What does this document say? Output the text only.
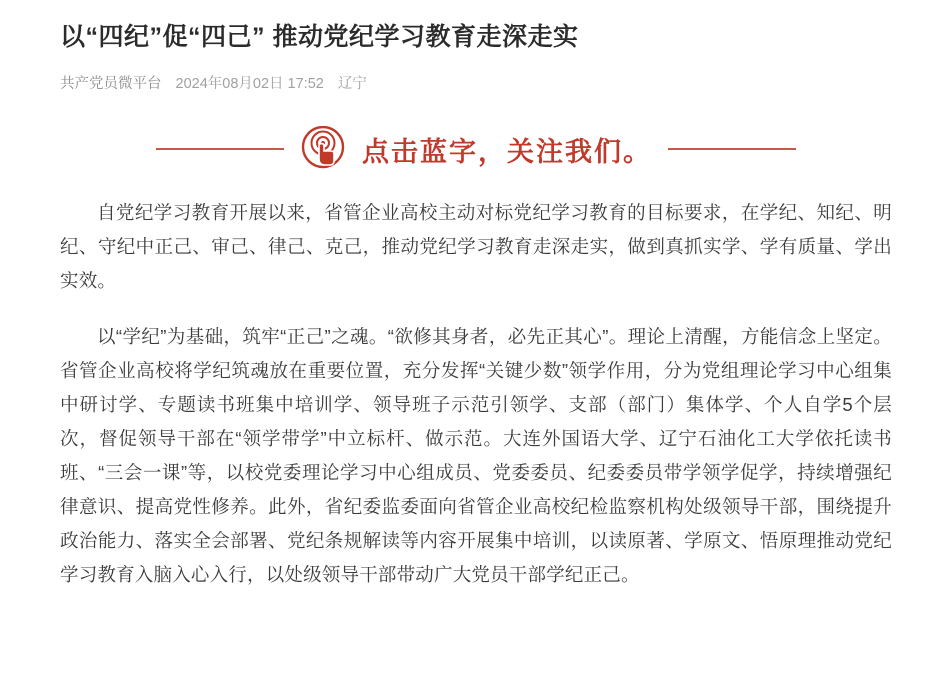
以“四纪”促“四己” 推动党纪学习教育走深走实
共产党员微平台 2024年08月02日 17:52 辽宁
点击蓝字，关注我们。

自党纪学习教育开展以来，省管企业高校主动对标党纪学习教育的目标要求，在学纪、知纪、明纪、守纪中正己、审己、律己、克己，推动党纪学习教育走深走实，做到真抓实学、学有质量、学出实效。

以“学纪”为基础，筑牢“正己”之魂。“欲修其身者，必先正其心”。理论上清醒，方能信念上坚定。省管企业高校将学纪筑魂放在重要位置，充分发挥“关键少数”领学作用，分为党组理论学习中心组集中研讨学、专题读书班集中培训学、领导班子示范引领学、支部（部门）集体学、个人自学5个层次，督促领导干部在“领学带学”中立标杆、做示范。大连外国语大学、辽宁石油化工大学依托读书班、“三会一课”等，以校党委理论学习中心组成员、党委委员、纪委委员带学领学促学，持续增强纪律意识、提高党性修养。此外，省纪委监委面向省管企业高校纪检监察机构处级领导干部，围绕提升政治能力、落实全会部署、党纪条规解读等内容开展集中培训，以读原著、学原文、悟原理推动党纪学习教育入脑入心入行，以处级领导干部带动广大党员干部学纪正己。
